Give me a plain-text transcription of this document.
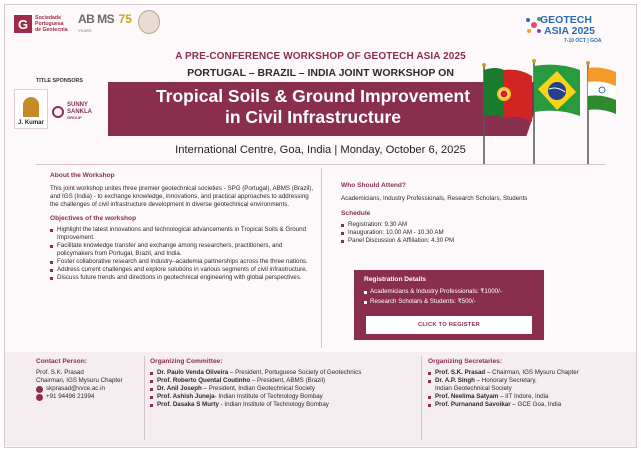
G	Sociedade
Portuguesa
de Geotecnia
AB MS 75
YEARS
GEOTECH
ASIA 2025
7-10 OCT | GOA
A PRE-CONFERENCE WORKSHOP OF GEOTECH ASIA 2025
PORTUGAL – BRAZIL – INDIA JOINT WORKSHOP ON
TITLE SPONSORS
J. Kumar
SUNNY
SANKLA
GROUP
Tropical Soils & Ground Improvement
in Civil Infrastructure
International Centre, Goa, India | Monday, October 6, 2025
About the Workshop
This joint workshop unites three premier geotechnical societies - SPG (Portugal), ABMS (Brazil), and IGS (India) - to exchange knowledge, innovations, and practical approaches to addressing the challenges of civil infrastructure development in diverse geotechnical environments.
Objectives of the workshop
Highlight the latest innovations and technological advancements in Tropical Soils & Ground Improvement.
Facilitate knowledge transfer and exchange among researchers, practitioners, and policymakers from Portugal, Brazil, and India.
Foster collaborative research and industry–academia partnerships across the three nations.
Address current challenges and explore solutions in various segments of civil infrastructure.
Discuss future trends and directions in geotechnical engineering with global perspectives.
Who Should Attend?
Academicians, Industry Professionals, Research Scholars, Students
Schedule
Registration: 9.30 AM
Inauguration: 10.00 AM - 10.30 AM
Panel Discussion & Affiliation: 4.30 PM
Registration Details
Academicians & Industry Professionals: ₹1000/-
Research Scholars & Students: ₹500/-
CLICK TO REGISTER
Contact Person:
Prof. S.K. Prasad
Chairman, IGS Mysuru Chapter
skprasad@vvce.ac.in
+91 94496 21994
Organizing Committee:
Dr. Paulo Venda Oliveira – President, Portuguese Society of Geotechnics
Prof. Roberto Quental Coutinho – President, ABMS (Brazil)
Dr. Anil Joseph – President, Indian Geotechnical Society
Prof. Ashish Juneja- Indian Institute of Technology Bombay
Prof. Dasaka S Murty - Indian Institute of Technology Bombay
Organizing Secretaries:
Prof. S.K. Prasad – Chairman, IGS Mysuru Chapter
Dr. A.P. Singh – Honorary Secretary,
Indian Geotechnical Society
Prof. Neelima Satyam – IIT Indore, India
Prof. Purnanand Savoikar – GCE Goa, India
